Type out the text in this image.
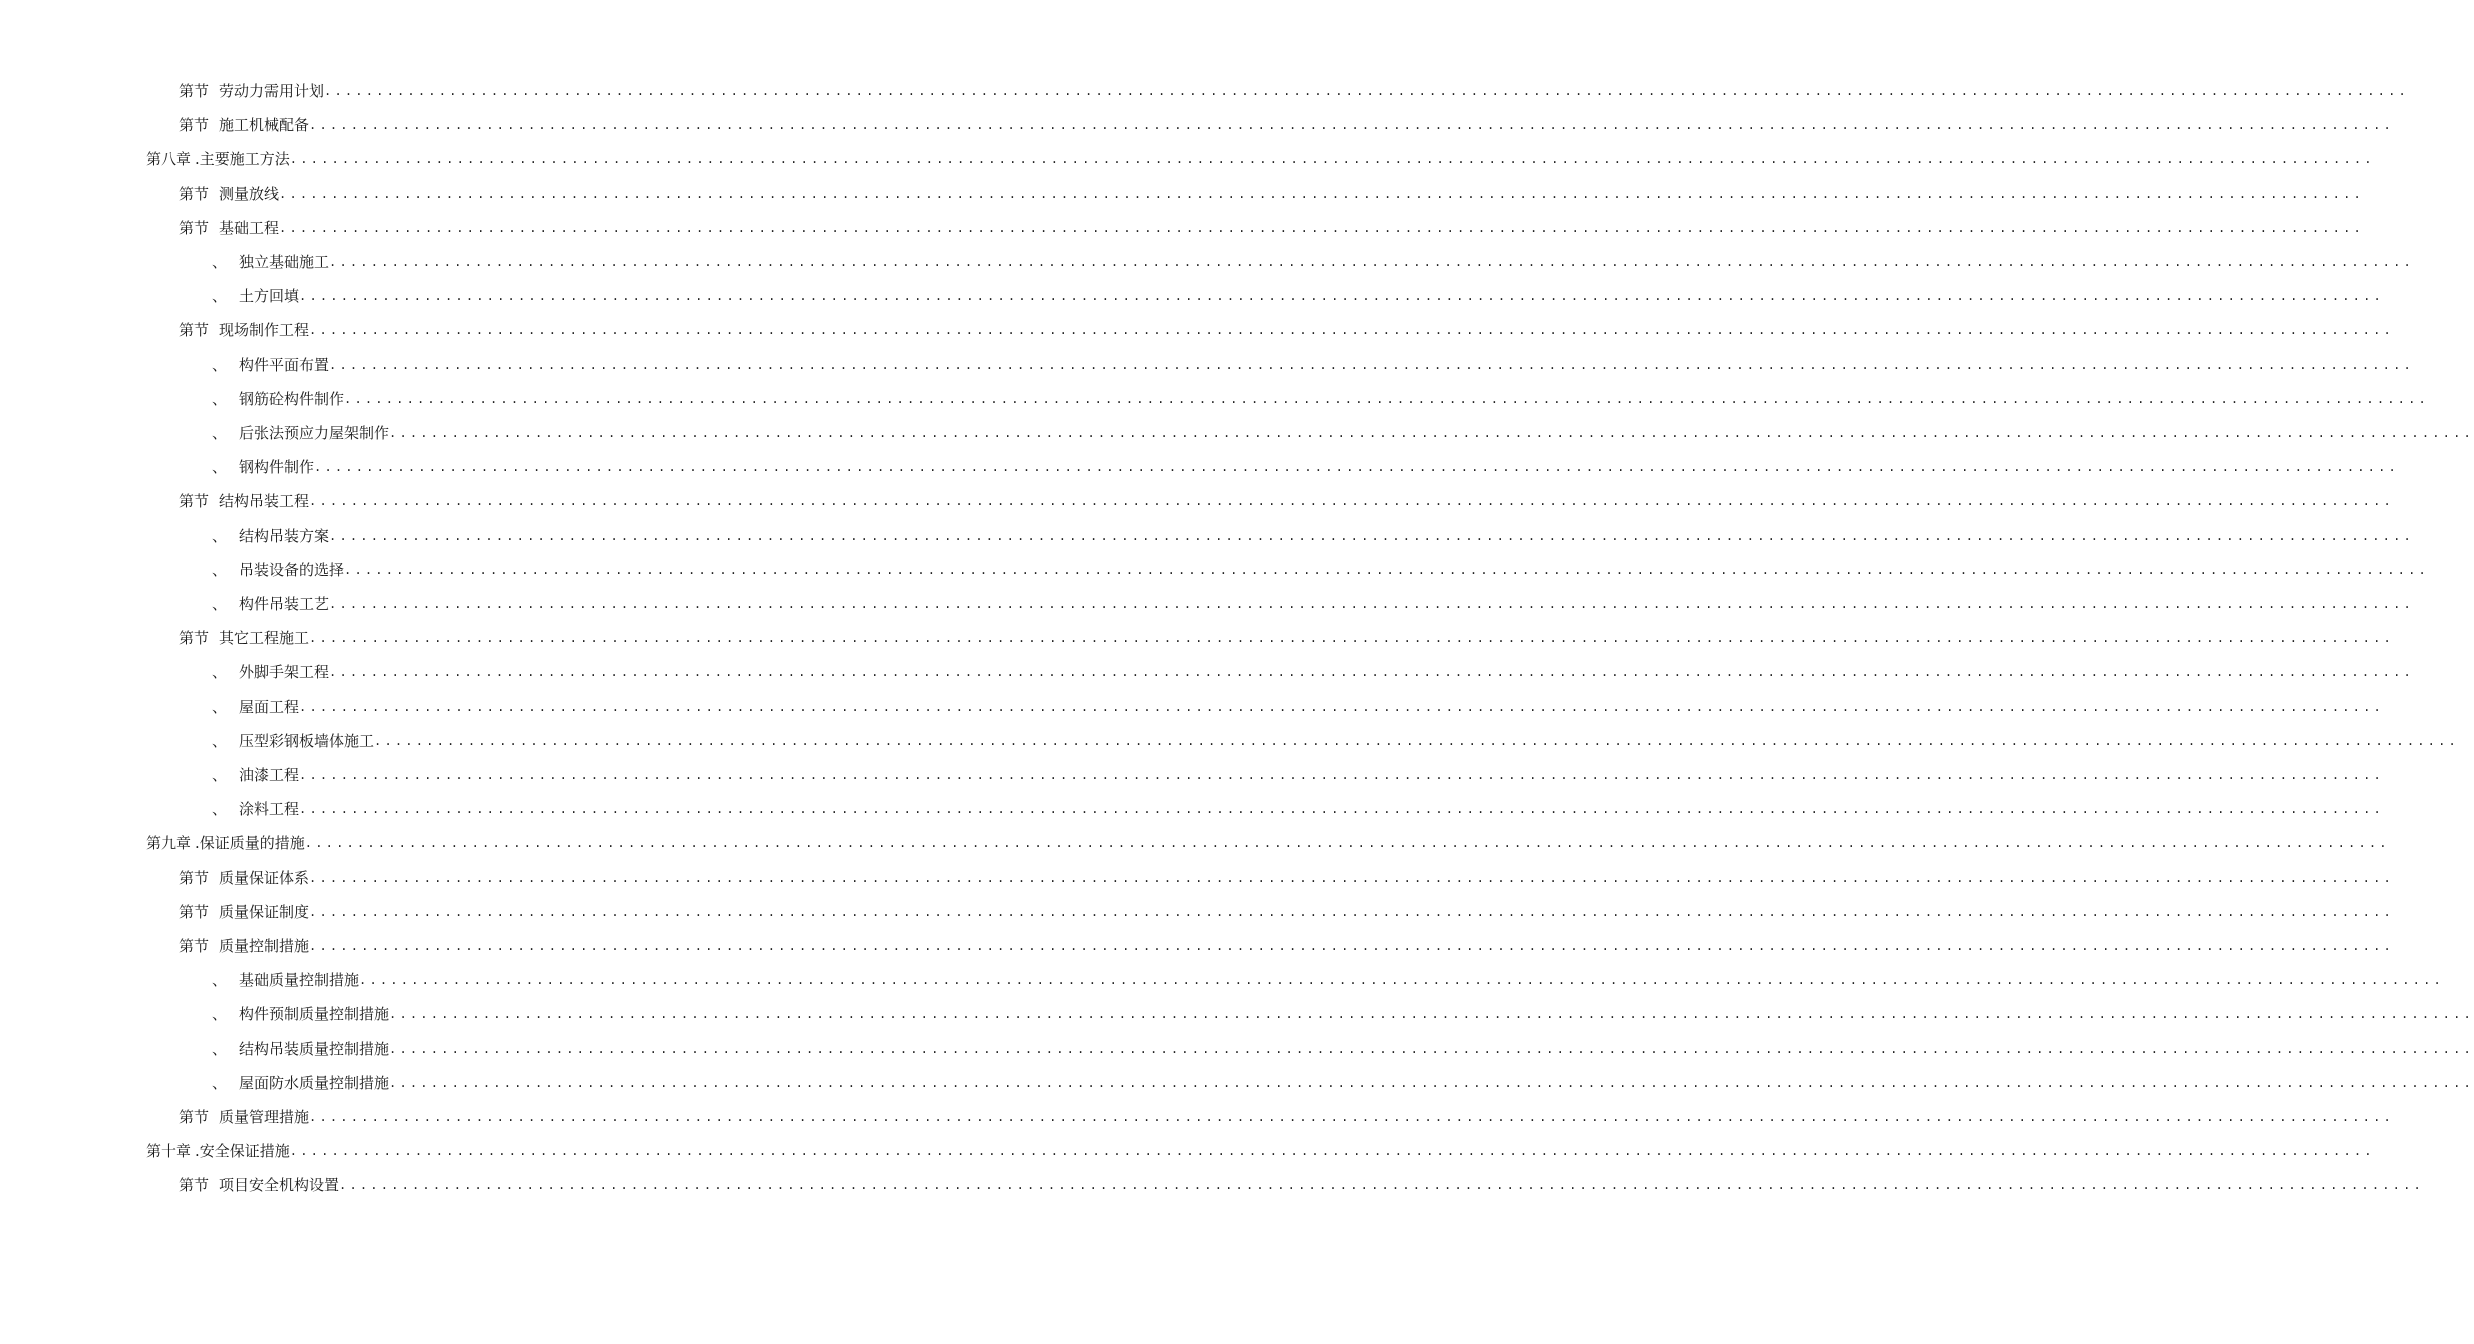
第节 劳动力需用计划 ........................................................................................................................................................................................................
第节 施工机械配备 ........................................................................................................................................................................................................
第八章 .主要施工方法 ........................................................................................................................................................................................................
第节 测量放线 ........................................................................................................................................................................................................
第节 基础工程 ........................................................................................................................................................................................................
、 独立基础施工 ........................................................................................................................................................................................................
、 土方回填 ........................................................................................................................................................................................................
第节 现场制作工程 ........................................................................................................................................................................................................
、 构件平面布置 ........................................................................................................................................................................................................
、 钢筋砼构件制作 ........................................................................................................................................................................................................
、 后张法预应力屋架制作 ........................................................................................................................................................................................................
、 钢构件制作 ........................................................................................................................................................................................................
第节 结构吊装工程 ........................................................................................................................................................................................................
、 结构吊装方案 ........................................................................................................................................................................................................
、 吊装设备的选择 ........................................................................................................................................................................................................
、 构件吊装工艺 ........................................................................................................................................................................................................
第节 其它工程施工 ........................................................................................................................................................................................................
、 外脚手架工程 ........................................................................................................................................................................................................
、 屋面工程 ........................................................................................................................................................................................................
、 压型彩钢板墙体施工 ........................................................................................................................................................................................................
、 油漆工程 ........................................................................................................................................................................................................
、 涂料工程 ........................................................................................................................................................................................................
第九章 .保证质量的措施 ........................................................................................................................................................................................................
第节 质量保证体系 ........................................................................................................................................................................................................
第节 质量保证制度 ........................................................................................................................................................................................................
第节 质量控制措施 ........................................................................................................................................................................................................
、 基础质量控制措施 ........................................................................................................................................................................................................
、 构件预制质量控制措施 ........................................................................................................................................................................................................
、 结构吊装质量控制措施 ........................................................................................................................................................................................................
、 屋面防水质量控制措施 ........................................................................................................................................................................................................
第节 质量管理措施 ........................................................................................................................................................................................................
第十章 .安全保证措施 ........................................................................................................................................................................................................
第节 项目安全机构设置 ........................................................................................................................................................................................................
